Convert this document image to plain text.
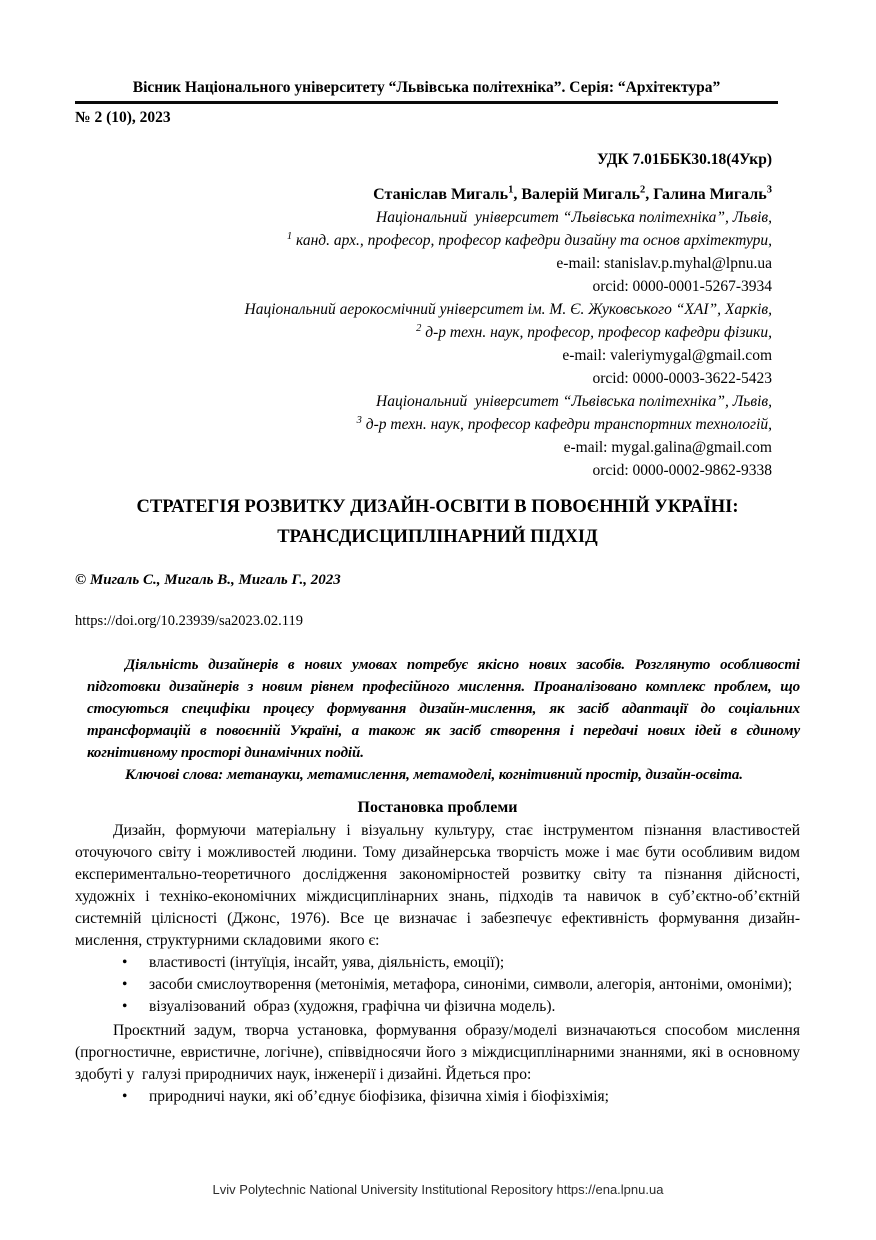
Вісник Національного університету “Львівська політехніка”. Серія: “Архітектура”
№ 2 (10), 2023
УДК 7.01ББК30.18(4Укр)
Станіслав Мигаль$^1$, Валерій Мигаль$^2$, Галина Мигаль$^3$
Національний  університет “Львівська політехніка”, Львів,
$^1$ канд. арх., професор, професор кафедри дизайну та основ архітектури,
e-mail: stanislav.p.myhal@lpnu.ua
orcid: 0000-0001-5267-3934
Національний аерокосмічний університет ім. М. Є. Жуковського “ХАІ”, Харків,
$^2$ д-р техн. наук, професор, професор кафедри фізики,
e-mail: valeriymygal@gmail.com
orcid: 0000-0003-3622-5423
Національний  університет “Львівська політехніка”, Львів,
$^3$ д-р техн. наук, професор кафедри транспортних технологій,
e-mail: mygal.galina@gmail.com
orcid: 0000-0002-9862-9338
СТРАТЕГІЯ РОЗВИТКУ ДИЗАЙН-ОСВІТИ В ПОВОЄННІЙ УКРАЇНІ:
ТРАНСДИСЦИПЛІНАРНИЙ ПІДХІД
© Мигаль С., Мигаль В., Мигаль Г., 2023
https://doi.org/10.23939/sa2023.02.119

Діяльність дизайнерів в нових умовах потребує якісно нових засобів. Розглянуто особливості підготовки дизайнерів з новим рівнем професійного мислення. Проаналізовано комплекс проблем, що стосуються специфіки процесу формування дизайн-мислення, як засіб адаптації до соціальних трансформацій в повоєнній Україні, а також як засіб створення і передачі нових ідей в єдиному когнітивному просторі динамічних подій.

Ключові слова: метанауки, метамислення, метамоделі, когнітивний простір, дизайн-освіта.

Постановка проблеми

Дизайн, формуючи матеріальну і візуальну культуру, стає інструментом пізнання властивостей оточуючого світу і можливостей людини. Тому дизайнерська творчість може і має бути особливим видом експериментально-теоретичного дослідження закономірностей розвитку світу та пізнання дійсності, художніх і техніко-економічних міждисциплінарних знань, підходів та навичок в суб’єктно-об’єктній системній цілісності (Джонс, 1976). Все це визначає і забезпечує ефективність формування дизайн-мислення, структурними складовими  якого є:

• властивості (інтуїція, інсайт, уява, діяльність, емоції);

• засоби смислоутворення (метонімія, метафора, синоніми, символи, алегорія, антоніми, омоніми);

• візуалізований  образ (художня, графічна чи фізична модель).

Проєктний задум, творча установка, формування образу/моделі визначаються способом мислення (прогностичне, евристичне, логічне), співвідносячи його з міждисциплінарними знаннями, які в основному здобуті у  галузі природничих наук, інженерії і дизайні. Йдеться про:

• природничі науки, які об’єднує біофізика, фізична хімія і біофізхімія;

Lviv Polytechnic National University Institutional Repository https://ena.lpnu.ua
